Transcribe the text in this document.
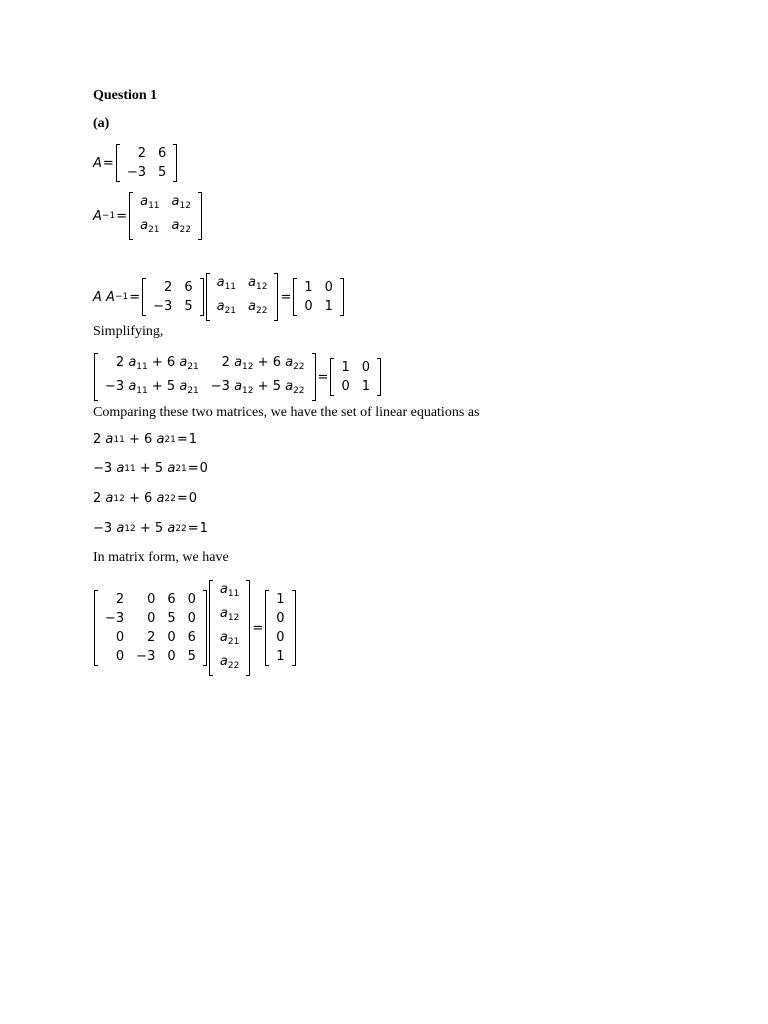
Question 1
(a)
A =
2	6
−3	5
A −1 =
$a_{11}$	$a_{12}$
$a_{21}$	$a_{22}$
A
A −1 =
2	6
−3	5
$a_{11}$	$a_{12}$
$a_{21}$	$a_{22}$
=
1	0
0	1
Simplifying,
2 $a_{11} + 6$ $a_{21}$	2 $a_{12} + 6$ $a_{22}$
−3 $a_{11} + 5$ $a_{21}$	−3 $a_{12} + 5$ $a_{22}$
=
1	0
0	1
Comparing these two matrices, we have the set of linear equations as
2
a 11
+
6
a 21 = 1
−3
a 11
+
5
a 21 = 0
2
a 12
+
6
a 22 = 0
−3
a 12
+
5
a 22 = 1
In matrix form, we have
2	0	6	0
−3	0	5	0
0	2	0	6
0	−3	0	5
$a_{11}$
$a_{12}$
$a_{21}$
$a_{22}$
=
1
0
0
1
